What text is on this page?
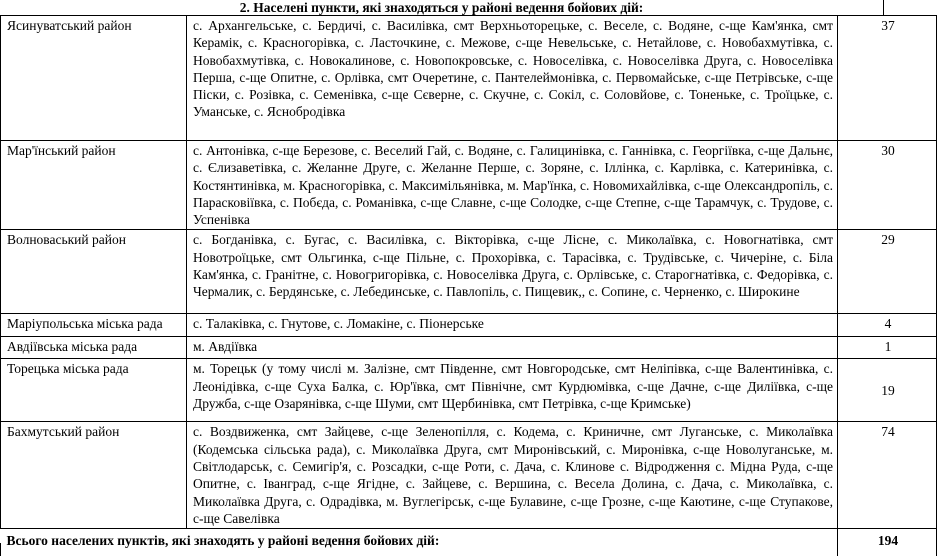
2. Населені пункти, які знаходяться у районі ведення бойових дій:
Ясинуватський район	с. Архангельське, с. Бердичі, с. Василівка, смт Верхньоторецьке, с. Веселе, с. Водяне, с-ще Кам'янка, смт Керамік, с. Красногорівка, с. Ласточкине, с. Межове, с-ще Невельське, с. Нетайлове, с. Новобахмутівка, с. Новобахмутівка, с. Новокалинове, с. Новопокровське, с. Новоселівка, с. Новоселівка Друга, с. Новоселівка Перша, с-ще Опитне, с. Орлівка, смт Очеретине, с. Пантелеймонівка, с. Первомайське, с-ще Петрівське, с-ще Піски, с. Розівка, с. Семенівка, с-ще Сєверне, с. Скучне, с. Сокіл, с. Соловйове, с. Тоненьке, с. Троїцьке, с. Уманське, с. Яснобродівка	37
Мар'їнський район	с. Антонівка, с-ще Березове, с. Веселий Гай, с. Водяне, с. Галицинівка, с. Ганнівка, с. Георгіївка, с-ще Дальнє, с. Єлизаветівка, с. Желанне Друге, с. Желанне Перше, с. Зоряне, с. Іллінка, с. Карлівка, с. Катеринівка, с. Костянтинівка, м. Красногорівка, с. Максимільянівка, м. Мар'їнка, с. Новомихайлівка, с-ще Олександропіль, с. Парасковіївка, с. Побєда, с. Романівка, с-ще Славне, с-ще Солодке, с-ще Степне, с-ще Тарамчук, с. Трудове, с. Успенівка	30
Волноваський район	с. Богданівка, с. Бугас, с. Василівка, с. Вікторівка, с-ще Лісне, с. Миколаївка, с. Новогнатівка, смт Новотроїцьке, смт Ольгинка, с-ще Пільне, с. Прохорівка, с. Тарасівка, с. Трудівське, с. Чичеріне, с. Біла Кам'янка, с. Гранітне, с. Новогригорівка, с. Новоселівка Друга, с. Орлівське, с. Старогнатівка, с. Федорівка, с. Чермалик, с. Бердянське, с. Лебединське, с. Павлопіль, с. Пищевик,, с. Сопине, с. Черненко, с. Широкине	29
Маріупольська міська рада	с. Талаківка, с. Гнутове, с. Ломакіне, с. Піонерське	4
Авдіївська міська рада	м. Авдіївка	1
Торецька міська рада	м. Торецьк (у тому числі м. Залізне, смт Південне, смт Новгородське, смт Неліпівка, с-ще Валентинівка, с. Леонідівка, с-ще Суха Балка, с. Юр'ївка, смт Північне, смт Курдюмівка, с-ще Дачне, с-ще Диліївка, с-ще Дружба, с-ще Озарянівка, с-ще Шуми, смт Щербинівка, смт Петрівка, с-ще Кримське)	19
Бахмутський район	с. Воздвиженка, смт Зайцеве, с-ще Зеленопілля, с. Кодема, с. Криничне, смт Луганське, с. Миколаївка (Кодемська сільська рада), с. Миколаївка Друга, смт Миронівський, с. Миронівка, с-ще Новолуганське, м. Світлодарськ, с. Семигір'я, с. Розсадки, с-ще Роти, с. Дача, с. Клинове с. Відродження с. Мідна Руда, с-ще Опитне, с. Іванград, с-ще Ягідне, с. Зайцеве, с. Вершина, с. Весела Долина, с. Дача, с. Миколаївка, с. Миколаївка Друга, с. Одрадівка, м. Вуглегірськ, с-ще Булавине, с-ще Грозне, с-ще Каютине, с-ще Ступакове, с-ще Савелівка	74
Всього населених пунктів, які знаходять у районі ведення бойових дій:		194
